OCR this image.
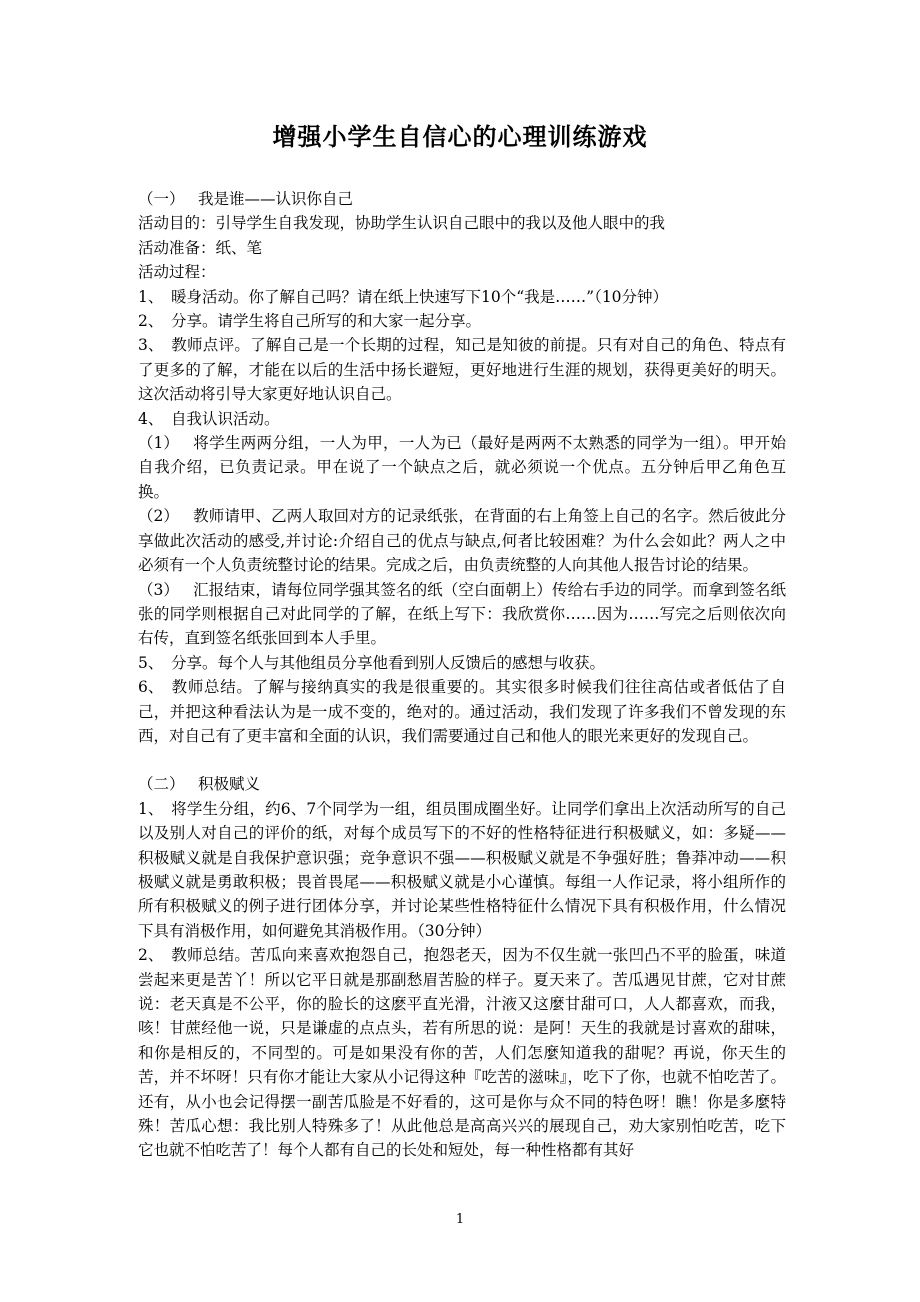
增强小学生自信心的心理训练游戏

（一） 我是谁——认识你自己

活动目的：引导学生自我发现，协助学生认识自己眼中的我以及他人眼中的我

活动准备：纸、笔

活动过程：

1、 暖身活动。你了解自己吗？请在纸上快速写下10个“我是……”（10分钟）

2、 分享。请学生将自己所写的和大家一起分享。

3、 教师点评。了解自己是一个长期的过程，知己是知彼的前提。只有对自己的角色、特点有了更多的了解，才能在以后的生活中扬长避短，更好地进行生涯的规划，获得更美好的明天。这次活动将引导大家更好地认识自己。

4、 自我认识活动。

（1） 将学生两两分组，一人为甲，一人为已（最好是两两不太熟悉的同学为一组）。甲开始自我介绍，已负责记录。甲在说了一个缺点之后，就必须说一个优点。五分钟后甲乙角色互换。

（2） 教师请甲、乙两人取回对方的记录纸张，在背面的右上角签上自己的名字。然后彼此分享做此次活动的感受,并讨论:介绍自己的优点与缺点,何者比较困难？为什么会如此？两人之中必须有一个人负责统整讨论的结果。完成之后，由负责统整的人向其他人报告讨论的结果。

（3） 汇报结束，请每位同学强其签名的纸（空白面朝上）传给右手边的同学。而拿到签名纸张的同学则根据自己对此同学的了解，在纸上写下：我欣赏你……因为……写完之后则依次向右传，直到签名纸张回到本人手里。

5、 分享。每个人与其他组员分享他看到别人反馈后的感想与收获。

6、 教师总结。了解与接纳真实的我是很重要的。其实很多时候我们往往高估或者低估了自己，并把这种看法认为是一成不变的，绝对的。通过活动，我们发现了许多我们不曾发现的东西，对自己有了更丰富和全面的认识，我们需要通过自己和他人的眼光来更好的发现自己。

（二） 积极赋义

1、 将学生分组，约6、7个同学为一组，组员围成圈坐好。让同学们拿出上次活动所写的自己以及别人对自己的评价的纸，对每个成员写下的不好的性格特征进行积极赋义，如：多疑——积极赋义就是自我保护意识强；竞争意识不强——积极赋义就是不争强好胜；鲁莽冲动——积极赋义就是勇敢积极；畏首畏尾——积极赋义就是小心谨慎。每组一人作记录，将小组所作的所有积极赋义的例子进行团体分享，并讨论某些性格特征什么情况下具有积极作用，什么情况下具有消极作用，如何避免其消极作用。（30分钟）

2、 教师总结。苦瓜向来喜欢抱怨自己，抱怨老天，因为不仅生就一张凹凸不平的脸蛋，味道尝起来更是苦丫！所以它平日就是那副愁眉苦脸的样子。夏天来了。苦瓜遇见甘蔗，它对甘蔗说：老天真是不公平，你的脸长的这麽平直光滑，汁液又这麼甘甜可口，人人都喜欢，而我，咳！甘蔗经他一说，只是谦虚的点点头，若有所思的说：是阿！天生的我就是讨喜欢的甜味，和你是相反的，不同型的。可是如果没有你的苦，人们怎麼知道我的甜呢？再说，你天生的苦，并不坏呀！只有你才能让大家从小记得这种『吃苦的滋味』，吃下了你，也就不怕吃苦了。还有，从小也会记得摆一副苦瓜脸是不好看的，这可是你与众不同的特色呀！瞧！你是多麼特殊！苦瓜心想：我比别人特殊多了！从此他总是高高兴兴的展现自己，劝大家别怕吃苦，吃下它也就不怕吃苦了！每个人都有自己的长处和短处，每一种性格都有其好

1
